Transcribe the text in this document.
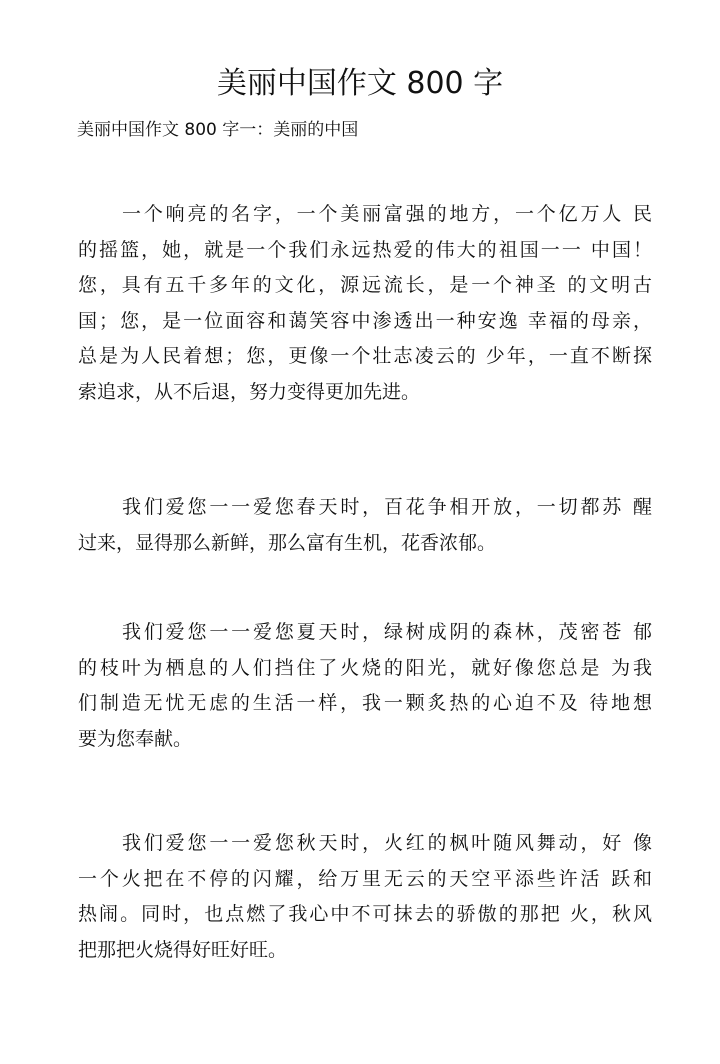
美丽中国作文 800 字
美丽中国作文 800 字一：美丽的中国
一个响亮的名字，一个美丽富强的地方，一个亿万人 民
的摇篮，她，就是一个我们永远热爱的伟大的祖国一一 中国！
您，具有五千多年的文化，源远流长，是一个神圣 的文明古
国；您，是一位面容和蔼笑容中渗透出一种安逸 幸福的母亲，
总是为人民着想；您，更像一个壮志凌云的 少年，一直不断探
索追求，从不后退，努力变得更加先进。
我们爱您一一爱您春天时，百花争相开放，一切都苏 醒
过来，显得那么新鲜，那么富有生机，花香浓郁。
我们爱您一一爱您夏天时，绿树成阴的森林，茂密苍 郁
的枝叶为栖息的人们挡住了火烧的阳光，就好像您总是 为我
们制造无忧无虑的生活一样，我一颗炙热的心迫不及 待地想
要为您奉献。
我们爱您一一爱您秋天时，火红的枫叶随风舞动，好 像
一个火把在不停的闪耀，给万里无云的天空平添些许活 跃和
热闹。同时，也点燃了我心中不可抹去的骄傲的那把 火，秋风
把那把火烧得好旺好旺。
